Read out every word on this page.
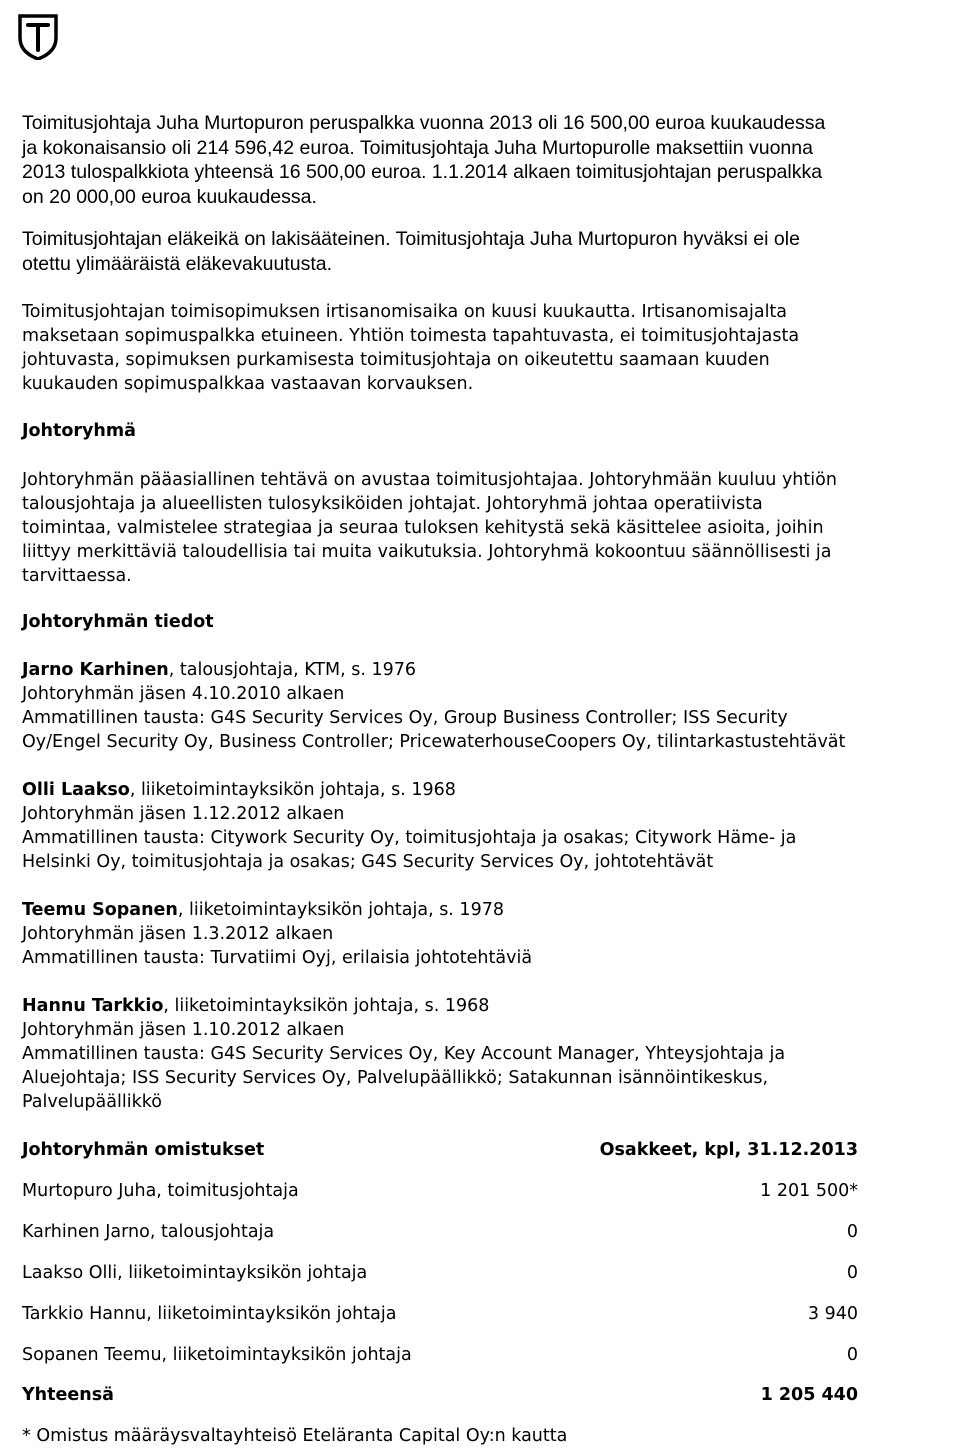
Toimitusjohtaja Juha Murtopuron peruspalkka vuonna 2013 oli 16 500,00 euroa kuukaudessa
ja kokonaisansio oli 214 596,42 euroa. Toimitusjohtaja Juha Murtopurolle maksettiin vuonna
2013 tulospalkkiota yhteensä 16 500,00 euroa. 1.1.2014 alkaen toimitusjohtajan peruspalkka
on 20 000,00 euroa kuukaudessa.
Toimitusjohtajan eläkeikä on lakisääteinen. Toimitusjohtaja Juha Murtopuron hyväksi ei ole
otettu ylimääräistä eläkevakuutusta.
Toimitusjohtajan toimisopimuksen irtisanomisaika on kuusi kuukautta. Irtisanomisajalta
maksetaan sopimuspalkka etuineen. Yhtiön toimesta tapahtuvasta, ei toimitusjohtajasta
johtuvasta, sopimuksen purkamisesta toimitusjohtaja on oikeutettu saamaan kuuden
kuukauden sopimuspalkkaa vastaavan korvauksen.
Johtoryhmä
Johtoryhmän pääasiallinen tehtävä on avustaa toimitusjohtajaa. Johtoryhmään kuuluu yhtiön
talousjohtaja ja alueellisten tulosyksiköiden johtajat. Johtoryhmä johtaa operatiivista
toimintaa, valmistelee strategiaa ja seuraa tuloksen kehitystä sekä käsittelee asioita, joihin
liittyy merkittäviä taloudellisia tai muita vaikutuksia. Johtoryhmä kokoontuu säännöllisesti ja
tarvittaessa.
Johtoryhmän tiedot
Jarno Karhinen, talousjohtaja, KTM, s. 1976
Johtoryhmän jäsen 4.10.2010 alkaen
Ammatillinen tausta: G4S Security Services Oy, Group Business Controller; ISS Security
Oy/Engel Security Oy, Business Controller; PricewaterhouseCoopers Oy, tilintarkastustehtävät
Olli Laakso, liiketoimintayksikön johtaja, s. 1968
Johtoryhmän jäsen 1.12.2012 alkaen
Ammatillinen tausta: Citywork Security Oy, toimitusjohtaja ja osakas; Citywork Häme- ja
Helsinki Oy, toimitusjohtaja ja osakas; G4S Security Services Oy, johtotehtävät
Teemu Sopanen, liiketoimintayksikön johtaja, s. 1978
Johtoryhmän jäsen 1.3.2012 alkaen
Ammatillinen tausta: Turvatiimi Oyj, erilaisia johtotehtäviä
Hannu Tarkkio, liiketoimintayksikön johtaja, s. 1968
Johtoryhmän jäsen 1.10.2012 alkaen
Ammatillinen tausta: G4S Security Services Oy, Key Account Manager, Yhteysjohtaja ja
Aluejohtaja; ISS Security Services Oy, Palvelupäällikkö; Satakunnan isännöintikeskus,
Palvelupäällikkö
Johtoryhmän omistukset	Osakkeet, kpl, 31.12.2013
Murtopuro Juha, toimitusjohtaja	1 201 500*
Karhinen Jarno, talousjohtaja	0
Laakso Olli, liiketoimintayksikön johtaja	0
Tarkkio Hannu, liiketoimintayksikön johtaja	3 940
Sopanen Teemu, liiketoimintayksikön johtaja	0
Yhteensä	1 205 440
* Omistus määräysvaltayhteisö Eteläranta Capital Oy:n kautta
